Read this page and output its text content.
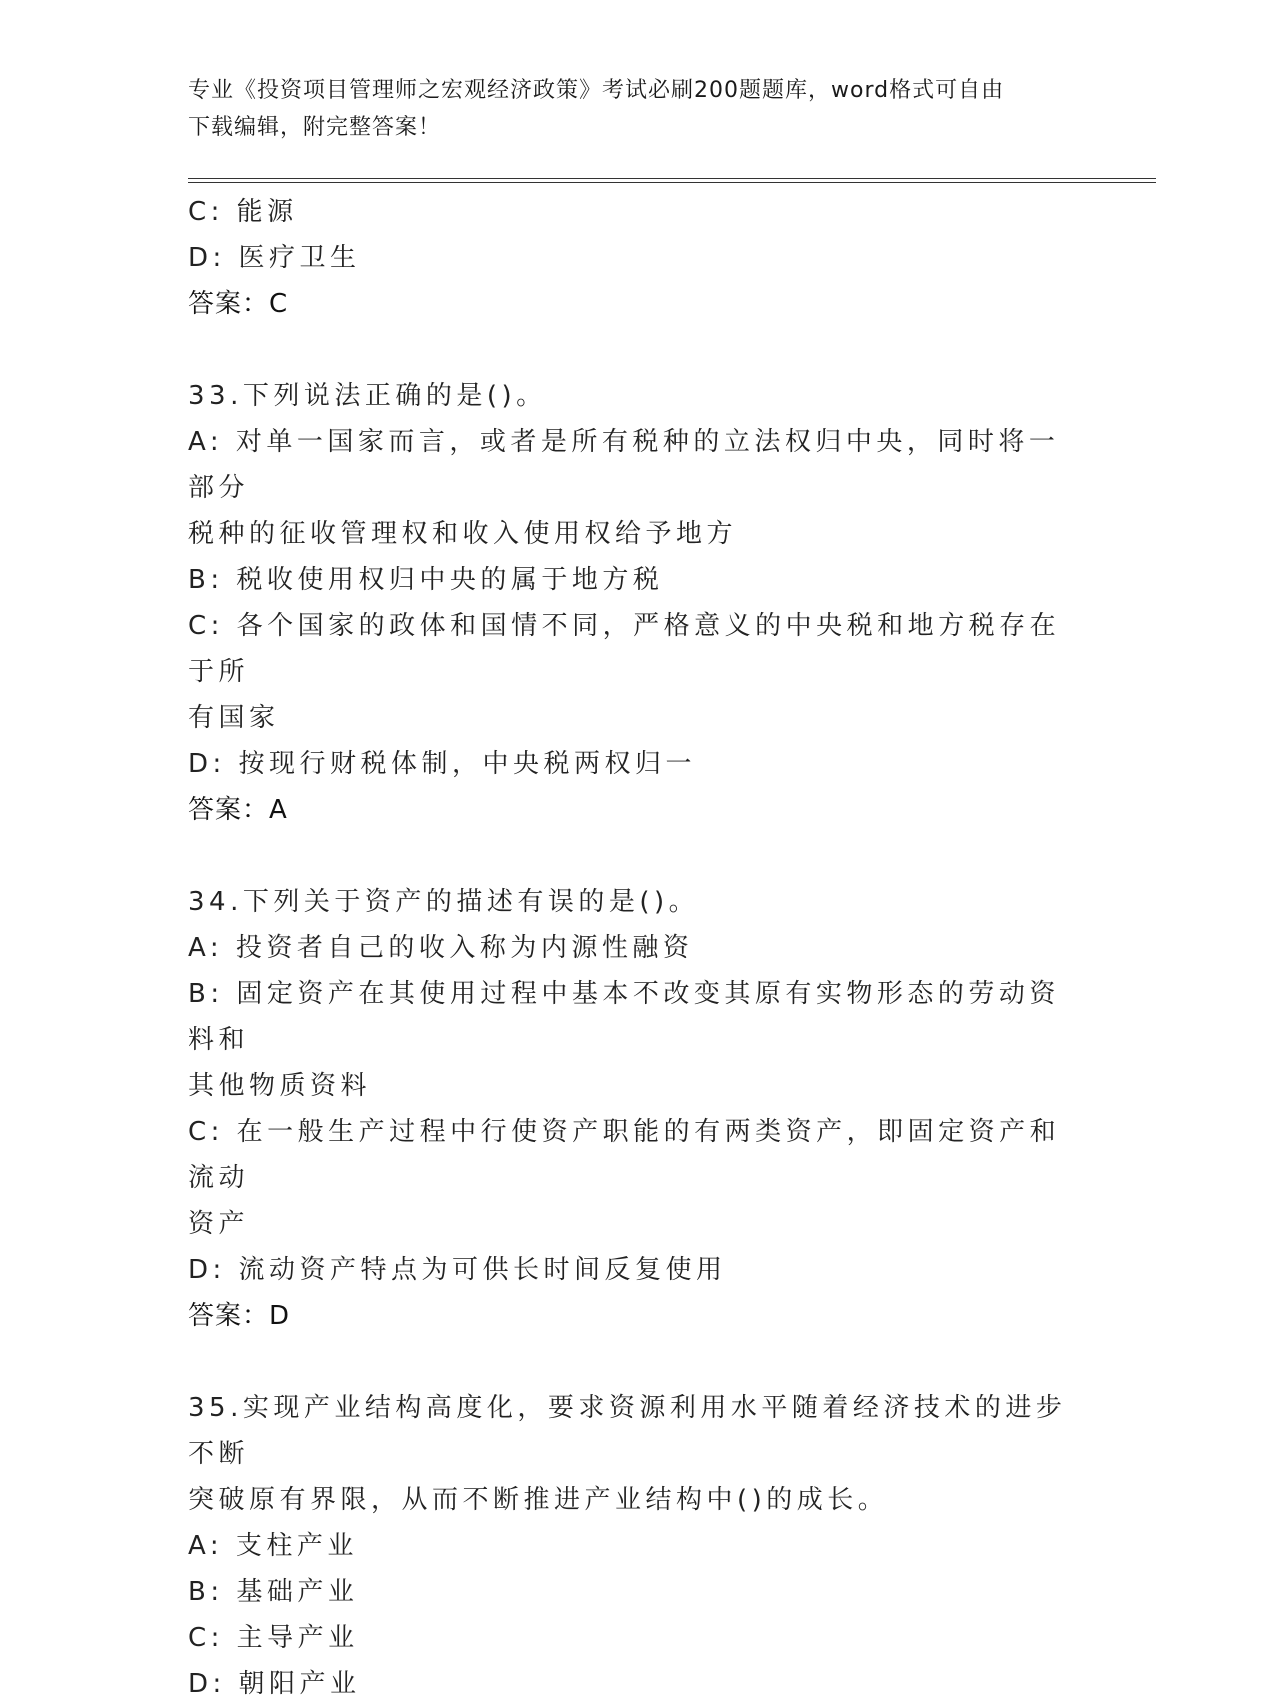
专业《投资项目管理师之宏观经济政策》考试必刷200题题库，word格式可自由
下载编辑，附完整答案！

C: 能源

D: 医疗卫生

答案：C

33.下列说法正确的是()。

A: 对单一国家而言，或者是所有税种的立法权归中央，同时将一部分

税种的征收管理权和收入使用权给予地方

B: 税收使用权归中央的属于地方税

C: 各个国家的政体和国情不同，严格意义的中央税和地方税存在于所

有国家

D: 按现行财税体制，中央税两权归一

答案：A

34.下列关于资产的描述有误的是()。

A: 投资者自己的收入称为内源性融资

B: 固定资产在其使用过程中基本不改变其原有实物形态的劳动资料和

其他物质资料

C: 在一般生产过程中行使资产职能的有两类资产，即固定资产和流动

资产

D: 流动资产特点为可供长时间反复使用

答案：D

35.实现产业结构高度化，要求资源利用水平随着经济技术的进步不断

突破原有界限，从而不断推进产业结构中()的成长。

A: 支柱产业

B: 基础产业

C: 主导产业

D: 朝阳产业
